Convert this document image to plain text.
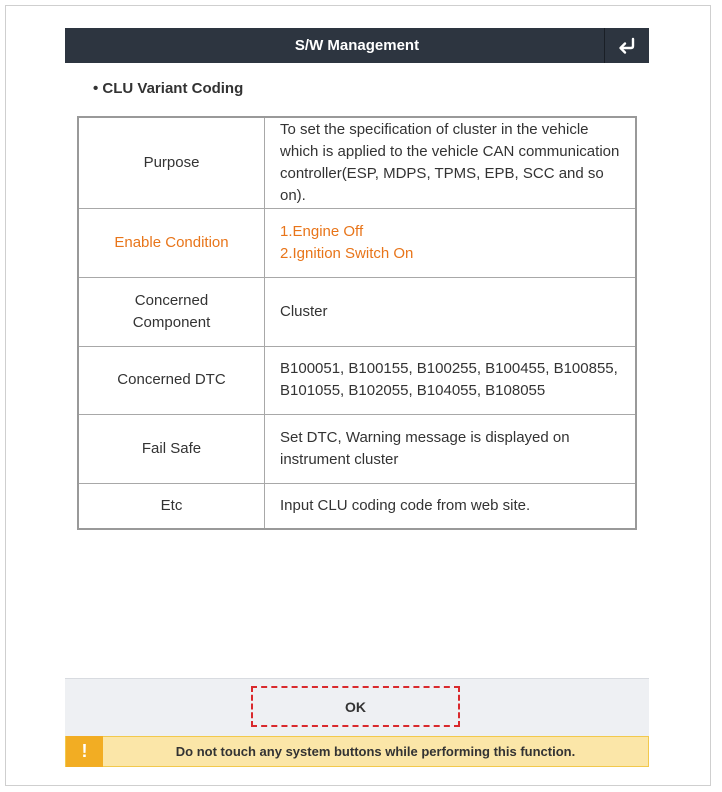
S/W Management
• CLU Variant Coding
Purpose	To set the specification of cluster in the vehicle
which is applied to the vehicle CAN communication
controller(ESP, MDPS, TPMS, EPB, SCC and so on).

Enable Condition	1.Engine Off
2.Ignition Switch On

Concerned
Component	Cluster

Concerned DTC	B100051, B100155, B100255, B100455, B100855,
B101055, B102055, B104055, B108055

Fail Safe	Set DTC, Warning message is displayed on
instrument cluster

Etc	Input CLU coding code from web site.
OK
!	Do not touch any system buttons while performing this function.
